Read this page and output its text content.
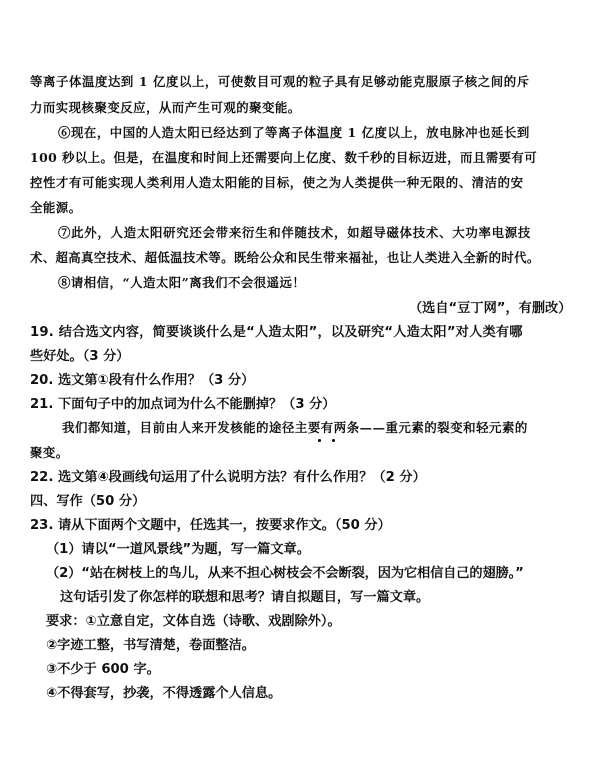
等离子体温度达到 1 亿度以上，可使数目可观的粒子具有足够动能克服原子核之间的斥
力而实现核聚变反应，从而产生可观的聚变能。
⑥现在，中国的人造太阳已经达到了等离子体温度 1 亿度以上，放电脉冲也延长到
100 秒以上。但是，在温度和时间上还需要向上亿度、数千秒的目标迈进，而且需要有可
控性才有可能实现人类利用人造太阳能的目标，使之为人类提供一种无限的、清洁的安
全能源。
⑦此外，人造太阳研究还会带来衍生和伴随技术，如超导磁体技术、大功率电源技
术、超高真空技术、超低温技术等。既给公众和民生带来福祉，也让人类进入全新的时代。
⑧请相信，“人造太阳”离我们不会很遥远！
（选自“豆丁网”，有删改）
19. 结合选文内容，简要谈谈什么是“人造太阳”，以及研究“人造太阳”对人类有哪
些好处。（3 分）
20. 选文第①段有什么作用？（3 分）
21. 下面句子中的加点词为什么不能删掉？（3 分）
我们都知道，目前由人来开发核能的途径主要有两条——重元素的裂变和轻元素的
聚变。
22. 选文第④段画线句运用了什么说明方法？有什么作用？（2 分）
四、写作（50 分）
23. 请从下面两个文题中，任选其一，按要求作文。（50 分）
（1）请以“一道风景线”为题，写一篇文章。
（2）“站在树枝上的鸟儿，从来不担心树枝会不会断裂，因为它相信自己的翅膀。”
这句话引发了你怎样的联想和思考？请自拟题目，写一篇文章。
要求：①立意自定，文体自选（诗歌、戏剧除外）。
②字迹工整，书写清楚，卷面整洁。
③不少于 600 字。
④不得套写，抄袭，不得透露个人信息。
